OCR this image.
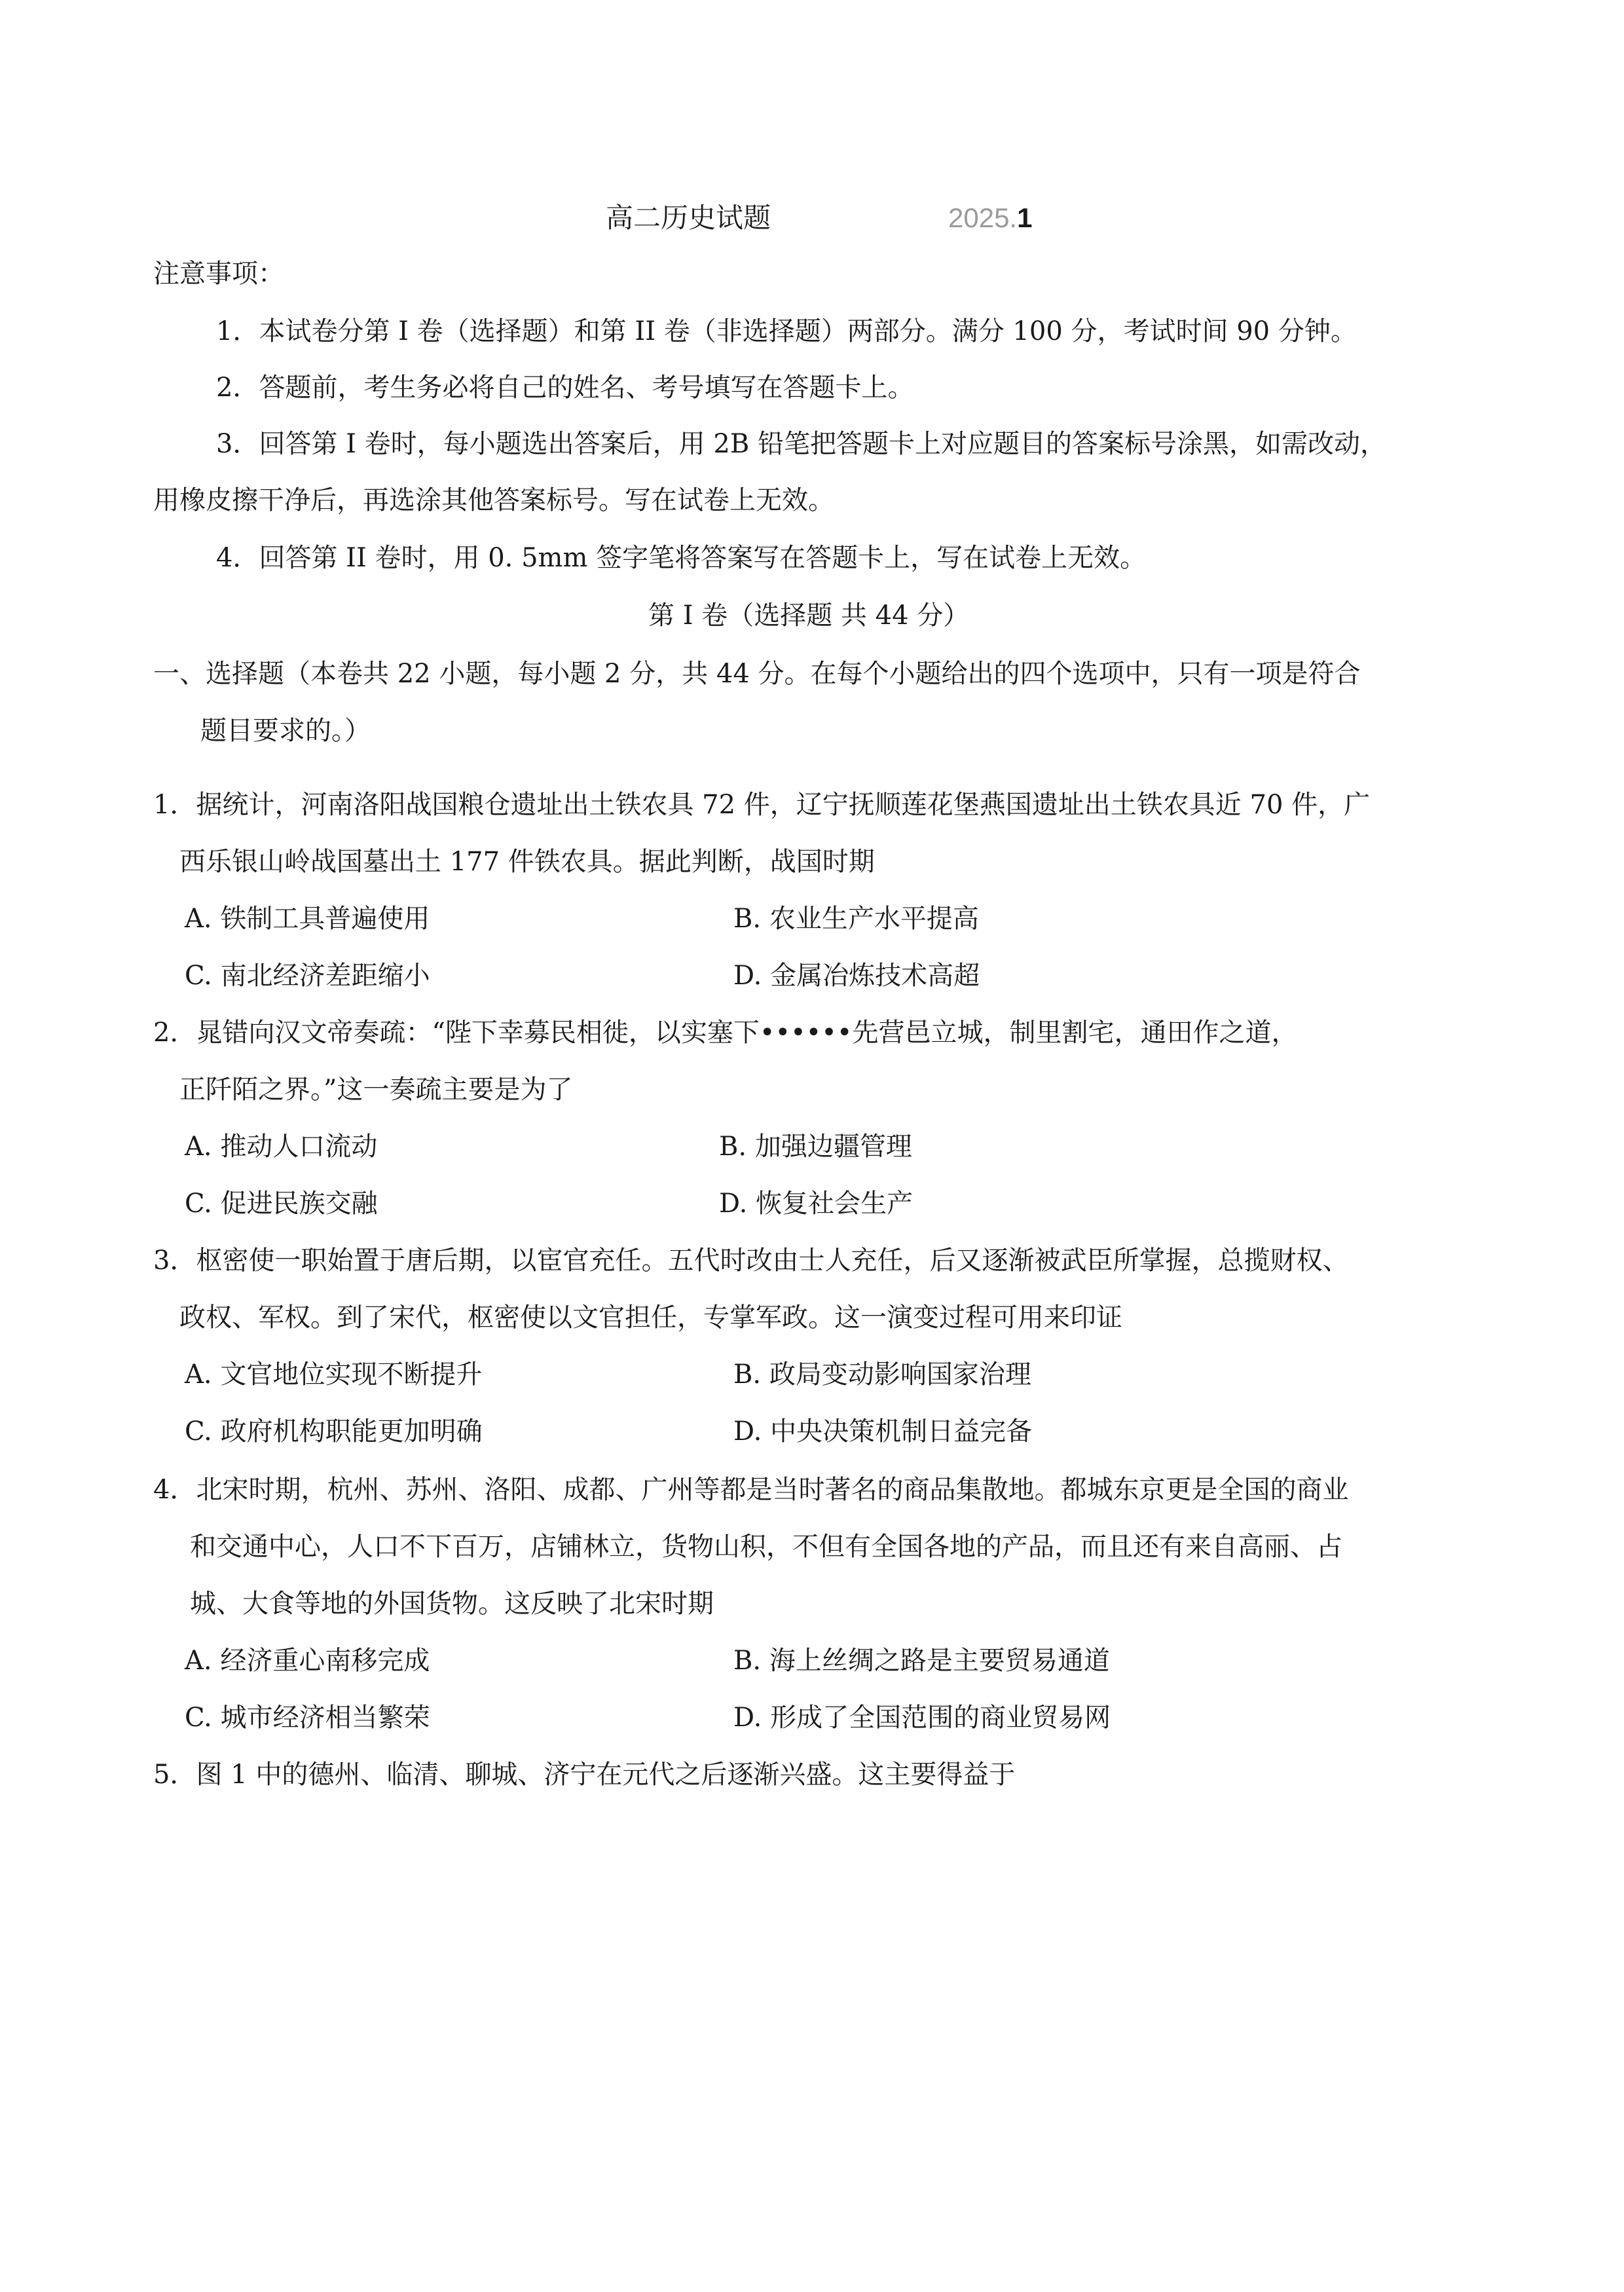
高二历史试题	2025.1
注意事项：
1．本试卷分第 I 卷（选择题）和第 II 卷（非选择题）两部分。满分 100 分，考试时间 90 分钟。
2．答题前，考生务必将自己的姓名、考号填写在答题卡上。
3．回答第 I 卷时，每小题选出答案后，用 2B 铅笔把答题卡上对应题目的答案标号涂黑，如需改动，
用橡皮擦干净后，再选涂其他答案标号。写在试卷上无效。
4．回答第 II 卷时，用 0. 5mm 签字笔将答案写在答题卡上，写在试卷上无效。
第 I 卷（选择题 共 44 分）
一、选择题（本卷共 22 小题，每小题 2 分，共 44 分。在每个小题给出的四个选项中，只有一项是符合
题目要求的。）
1．据统计，河南洛阳战国粮仓遗址出土铁农具 72 件，辽宁抚顺莲花堡燕国遗址出土铁农具近 70 件，广
西乐银山岭战国墓出土 177 件铁农具。据此判断，战国时期
A. 铁制工具普遍使用	B. 农业生产水平提高
C. 南北经济差距缩小	D. 金属冶炼技术高超
2．晁错向汉文帝奏疏：“陛下幸募民相徙，以实塞下••••••先营邑立城，制里割宅，通田作之道，
正阡陌之界。”这一奏疏主要是为了
A. 推动人口流动	B. 加强边疆管理
C. 促进民族交融	D. 恢复社会生产
3．枢密使一职始置于唐后期，以宦官充任。五代时改由士人充任，后又逐渐被武臣所掌握，总揽财权、
政权、军权。到了宋代，枢密使以文官担任，专掌军政。这一演变过程可用来印证
A. 文官地位实现不断提升	B. 政局变动影响国家治理
C. 政府机构职能更加明确	D. 中央决策机制日益完备
4．北宋时期，杭州、苏州、洛阳、成都、广州等都是当时著名的商品集散地。都城东京更是全国的商业
和交通中心，人口不下百万，店铺林立，货物山积，不但有全国各地的产品，而且还有来自高丽、占
城、大食等地的外国货物。这反映了北宋时期
A. 经济重心南移完成	B. 海上丝绸之路是主要贸易通道
C. 城市经济相当繁荣	D. 形成了全国范围的商业贸易网
5．图 1 中的德州、临清、聊城、济宁在元代之后逐渐兴盛。这主要得益于
